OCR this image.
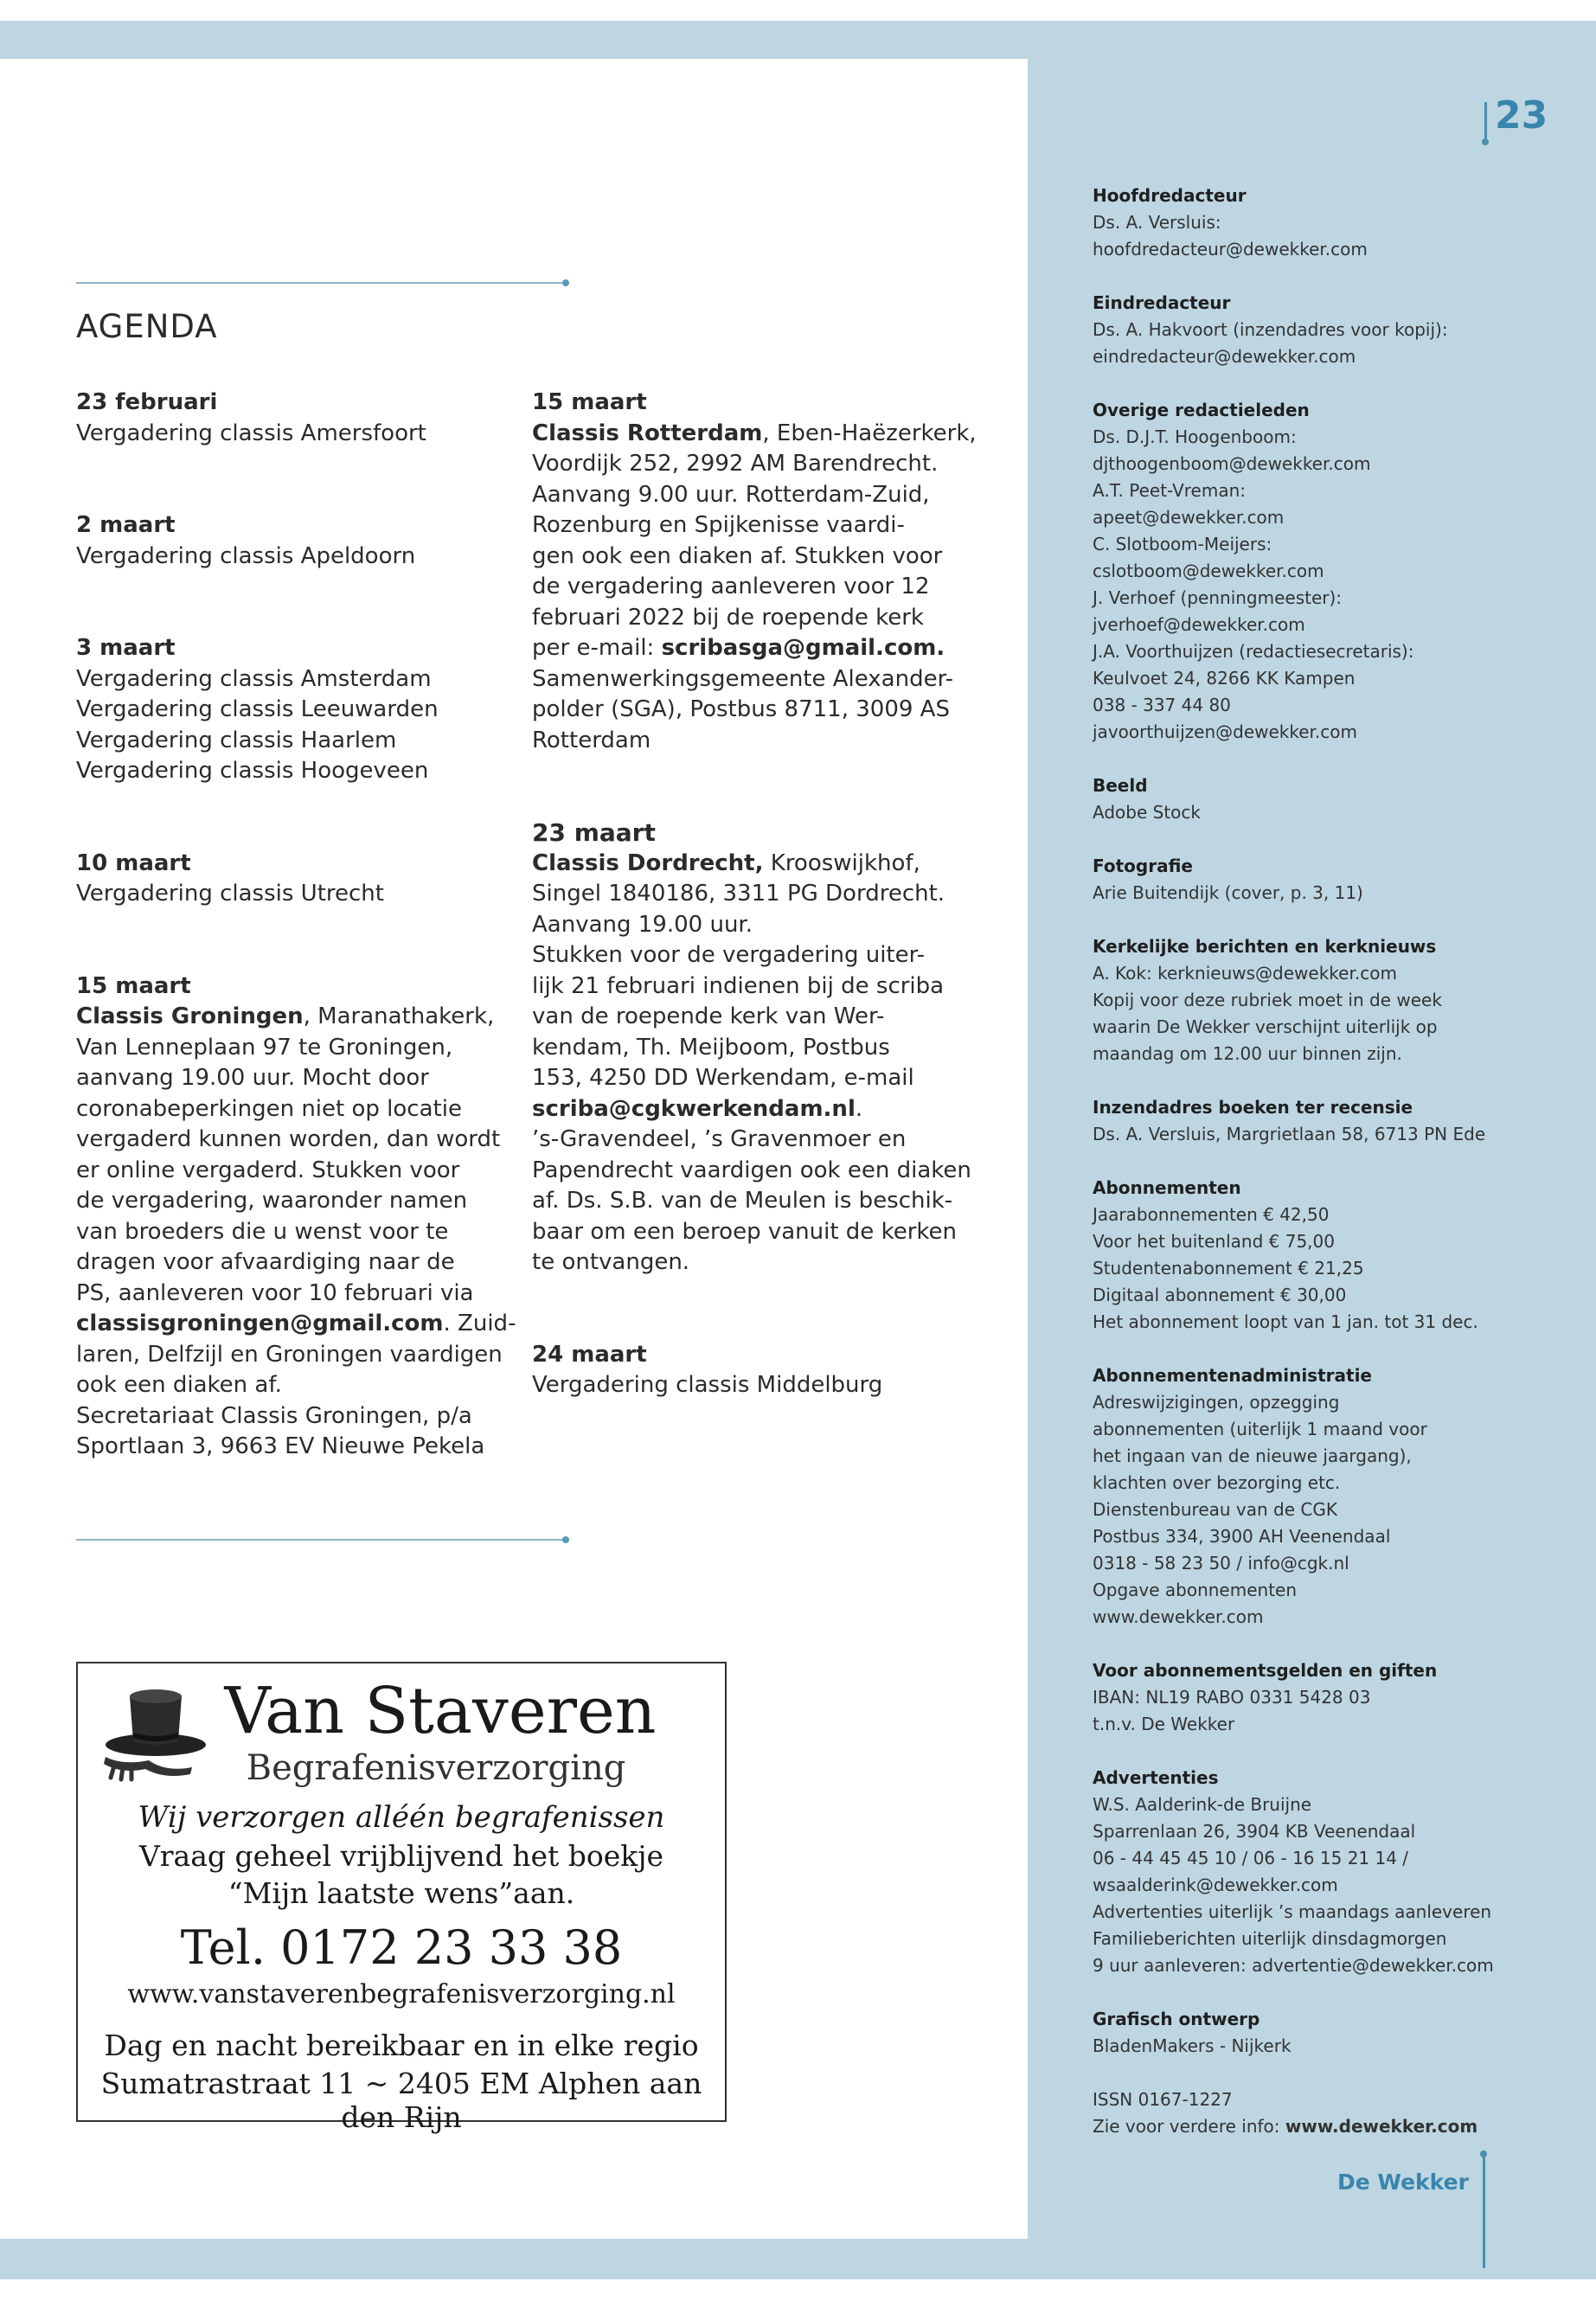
Colofon	23
AGENDA
23 februari
Vergadering classis Amersfoort
2 maart
Vergadering classis Apeldoorn
3 maart
Vergadering classis Amsterdam
Vergadering classis Leeuwarden
Vergadering classis Haarlem
Vergadering classis Hoogeveen
10 maart
Vergadering classis Utrecht
15 maart
Classis Groningen, Maranathakerk,
Van Lenneplaan 97 te Groningen,
aanvang 19.00 uur. Mocht door
coronabeperkingen niet op locatie
vergaderd kunnen worden, dan wordt
er online vergaderd. Stukken voor
de vergadering, waaronder namen
van broeders die u wenst voor te
dragen voor afvaardiging naar de
PS, aanleveren voor 10 februari via
classisgroningen@gmail.com. Zuid-
laren, Delfzijl en Groningen vaardigen
ook een diaken af.
Secretariaat Classis Groningen, p/a
Sportlaan 3, 9663 EV Nieuwe Pekela
15 maart
Classis Rotterdam, Eben-Haëzerkerk,
Voordijk 252, 2992 AM Barendrecht.
Aanvang 9.00 uur. Rotterdam-Zuid,
Rozenburg en Spijkenisse vaardi-
gen ook een diaken af. Stukken voor
de vergadering aanleveren voor 12
februari 2022 bij de roepende kerk
per e-mail: scribasga@gmail.com.
Samenwerkingsgemeente Alexander-
polder (SGA), Postbus 8711, 3009 AS
Rotterdam
23 maart
Classis Dordrecht, Krooswijkhof,
Singel 1840186, 3311 PG Dordrecht.
Aanvang 19.00 uur.
Stukken voor de vergadering uiter-
lijk 21 februari indienen bij de scriba
van de roepende kerk van Wer-
kendam, Th. Meijboom, Postbus
153, 4250 DD Werkendam, e-mail
scriba@cgkwerkendam.nl.
’s-Gravendeel, ’s Gravenmoer en
Papendrecht vaardigen ook een diaken
af. Ds. S.B. van de Meulen is beschik-
baar om een beroep vanuit de kerken
te ontvangen.
24 maart
Vergadering classis Middelburg
Van Staveren
Begrafenisverzorging
Wij verzorgen alléén begrafenissen
Vraag geheel vrijblijvend het boekje
“Mijn laatste wens”aan.
Tel. 0172 23 33 38
www.vanstaverenbegrafenisverzorging.nl
Dag en nacht bereikbaar en in elke regio
Sumatrastraat 11 ~ 2405 EM Alphen aan den Rijn
Hoofdredacteur
Ds. A. Versluis:
hoofdredacteur@dewekker.com
Eindredacteur
Ds. A. Hakvoort (inzendadres voor kopij):
eindredacteur@dewekker.com
Overige redactieleden
Ds. D.J.T. Hoogenboom:
djthoogenboom@dewekker.com
A.T. Peet-Vreman:
apeet@dewekker.com
C. Slotboom-Meijers:
cslotboom@dewekker.com
J. Verhoef (penningmeester):
jverhoef@dewekker.com
J.A. Voorthuijzen (redactiesecretaris):
Keulvoet 24, 8266 KK Kampen
038 - 337 44 80
javoorthuijzen@dewekker.com
Beeld
Adobe Stock
Fotografie
Arie Buitendijk (cover, p. 3, 11)
Kerkelijke berichten en kerknieuws
A. Kok: kerknieuws@dewekker.com
Kopij voor deze rubriek moet in de week
waarin De Wekker verschijnt uiterlijk op
maandag om 12.00 uur binnen zijn.
Inzendadres boeken ter recensie
Ds. A. Versluis, Margrietlaan 58, 6713 PN Ede
Abonnementen
Jaarabonnementen € 42,50
Voor het buitenland € 75,00
Studentenabonnement € 21,25
Digitaal abonnement € 30,00
Het abonnement loopt van 1 jan. tot 31 dec.
Abonnementenadministratie
Adreswijzigingen, opzegging
abonnementen (uiterlijk 1 maand voor
het ingaan van de nieuwe jaargang),
klachten over bezorging etc.
Dienstenbureau van de CGK
Postbus 334, 3900 AH Veenendaal
0318 - 58 23 50 / info@cgk.nl
Opgave abonnementen
www.dewekker.com
Voor abonnementsgelden en giften
IBAN: NL19 RABO 0331 5428 03
t.n.v. De Wekker
Advertenties
W.S. Aalderink-de Bruijne
Sparrenlaan 26, 3904 KB Veenendaal
06 - 44 45 45 10 / 06 - 16 15 21 14 /
wsaalderink@dewekker.com
Advertenties uiterlijk ’s maandags aanleveren
Familieberichten uiterlijk dinsdagmorgen
9 uur aanleveren: advertentie@dewekker.com
Grafisch ontwerp
BladenMakers - Nijkerk
ISSN 0167-1227
Zie voor verdere info: www.dewekker.com
De Wekker
